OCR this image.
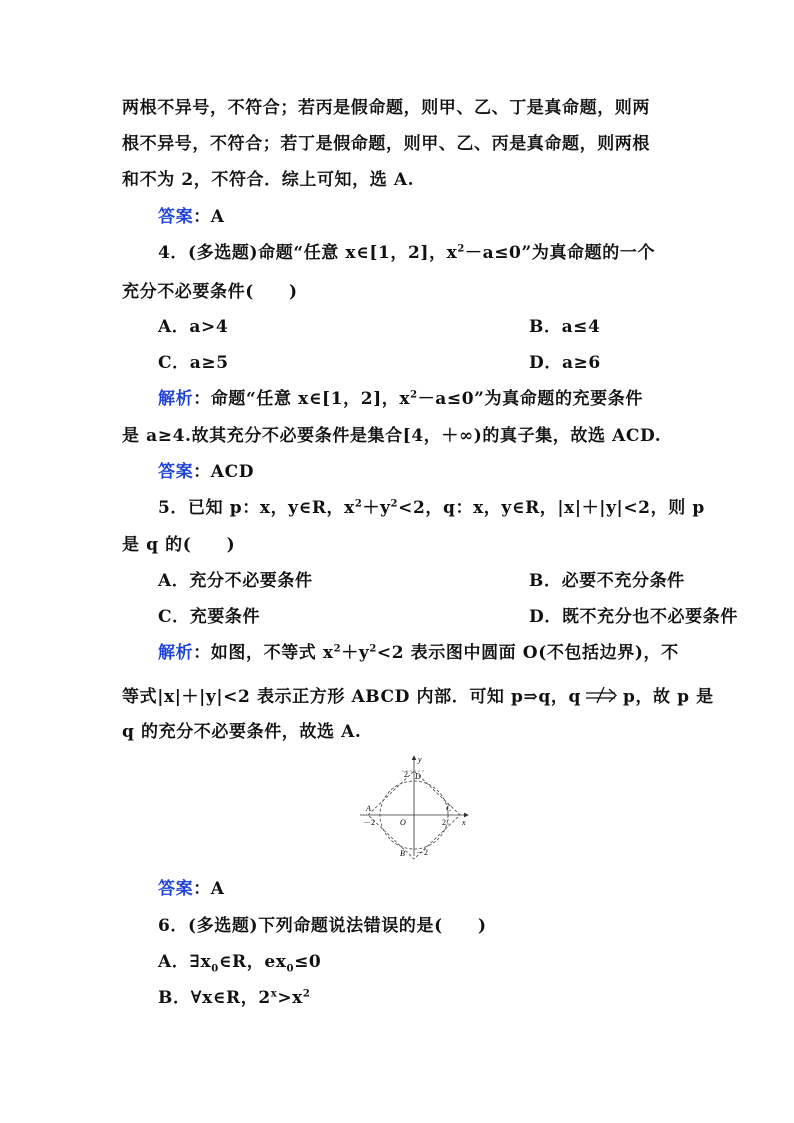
两根不异号，不符合；若丙是假命题，则甲、乙、丁是真命题，则两
根不异号，不符合；若丁是假命题，则甲、乙、丙是真命题，则两根
和不为 2，不符合．综上可知，选 A.
答案：A
4．(多选题)命题“任意 x∈[1，2]，$x^2-a\le 0$”为真命题的一个
充分不必要条件(　　)
A．a>4	B．a≤4
C．a≥5	D．a≥6
解析：命题“任意 x∈[1，2]，$x^2-a\le 0$”为真命题的充要条件
是 a≥4.故其充分不必要条件是集合[4，＋∞)的真子集，故选 ACD.
答案：ACD
5．已知 p：x，y∈R，$x^2+y^2<2$，q：x，y∈R，|x|＋|y|<2，则 p
是 q 的(　　)
A．充分不必要条件	B．必要不充分条件
C．充要条件	D．既不充分也不必要条件
解析：如图，不等式 $x^2+y^2<2$ 表示图中圆面 O(不包括边界)，不
等式|x|＋|y|<2 表示正方形 ABCD 内部．可知 p⇒q，q p，故 p 是
q 的充分不必要条件，故选 A.
y
x
D
A	C
B
O
2
－2	2
－2
答案：A
6．(多选题)下列命题说法错误的是(　　)
A．$\exists x_0\in R$，$ex_0\le 0$
B．∀x∈R，$2^x>x^2$
